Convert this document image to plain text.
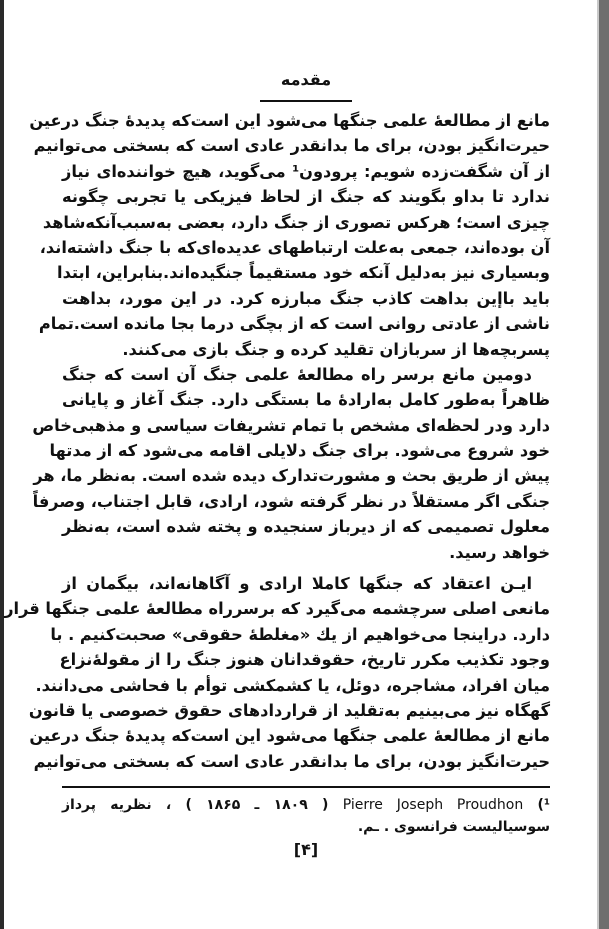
مقدمه
مانع از مطالعۀ علمی جنگها می‌شود این است‌که پدیدۀ جنگ درعین
حیرت‌انگیز بودن، برای ما بدانقدر عادی است که بسختی می‌توانیم
از آن شگفت‌زده شویم: پرودون¹ می‌گوید، هیچ خواننده‌ای نیاز
ندارد تا بداو بگویند که جنگ از لحاظ فیزیکی یا تجربی چگونه
چیزی است؛ هرکس تصوری از جنگ دارد، بعضی به‌سبب‌آنکه‌شاهد
آن بوده‌اند، جمعی به‌علت ارتباطهای عدیده‌ای‌که با جنگ داشته‌اند،
وبسیاری نیز به‌دلیل آنکه خود مستقیماً جنگیده‌اند.بنابراین، ابتدا
باید باإین بداهت کاذب جنگ مبارزه کرد. در این مورد، بداهت
ناشی از عادتی روانی است که از بچگی درما بجا مانده است.تمام
پسربچه‌ها از سربازان تقلید کرده و جنگ بازی می‌کنند.
دومین مانع برسر راه مطالعۀ علمی جنگ آن است که جنگ
ظاهراً به‌طور کامل به‌ارادۀ ما بستگی دارد. جنگ آغاز و پایانی
دارد ودر لحظه‌ای مشخص با تمام تشریفات سیاسی و مذهبی‌خاص
خود شروع می‌شود. برای جنگ دلایلی اقامه می‌شود که از مدتها
پیش از طریق بحث و مشورت‌تدارک دیده شده است. به‌نظر ما، هر
جنگی اگر مستقلاً در نظر گرفته شود، ارادی، قابل اجتناب، وصرفاً
معلول تصمیمی که از دیرباز سنجیده و پخته شده است، به‌نظر
خواهد رسید.
ایـن اعتقاد که جنگها کاملا ارادی و آگاهانه‌اند، بیگمان از
مانعی اصلی سرچشمه می‌گیرد که برسرراه مطالعۀ علمی جنگها قرار
دارد. دراینجا می‌خواهیم از یك «مغلطۀ حقوقی» صحبت‌کنیم . با
وجود تکذیب مکرر تاریخ، حقوقدانان هنوز جنگ را از مقولۀنزاع
میان افراد، مشاجره، دوئل، یا کشمکشی توأم با فحاشی می‌دانند.
گهگاه نیز می‌بینیم به‌تقلید از قراردادهای حقوق خصوصی یا قانون
مانع از مطالعۀ علمی جنگها می‌شود این است‌که پدیدۀ جنگ درعین
حیرت‌انگیز بودن، برای ما بدانقدر عادی است که بسختی می‌توانیم
¹) Pierre Joseph Proudhon ( ۱۸۰۹ ـ ۱۸۶۵ ) ، نظریه پرداز
سوسیالیست فرانسوی . ـم.
[۴]
